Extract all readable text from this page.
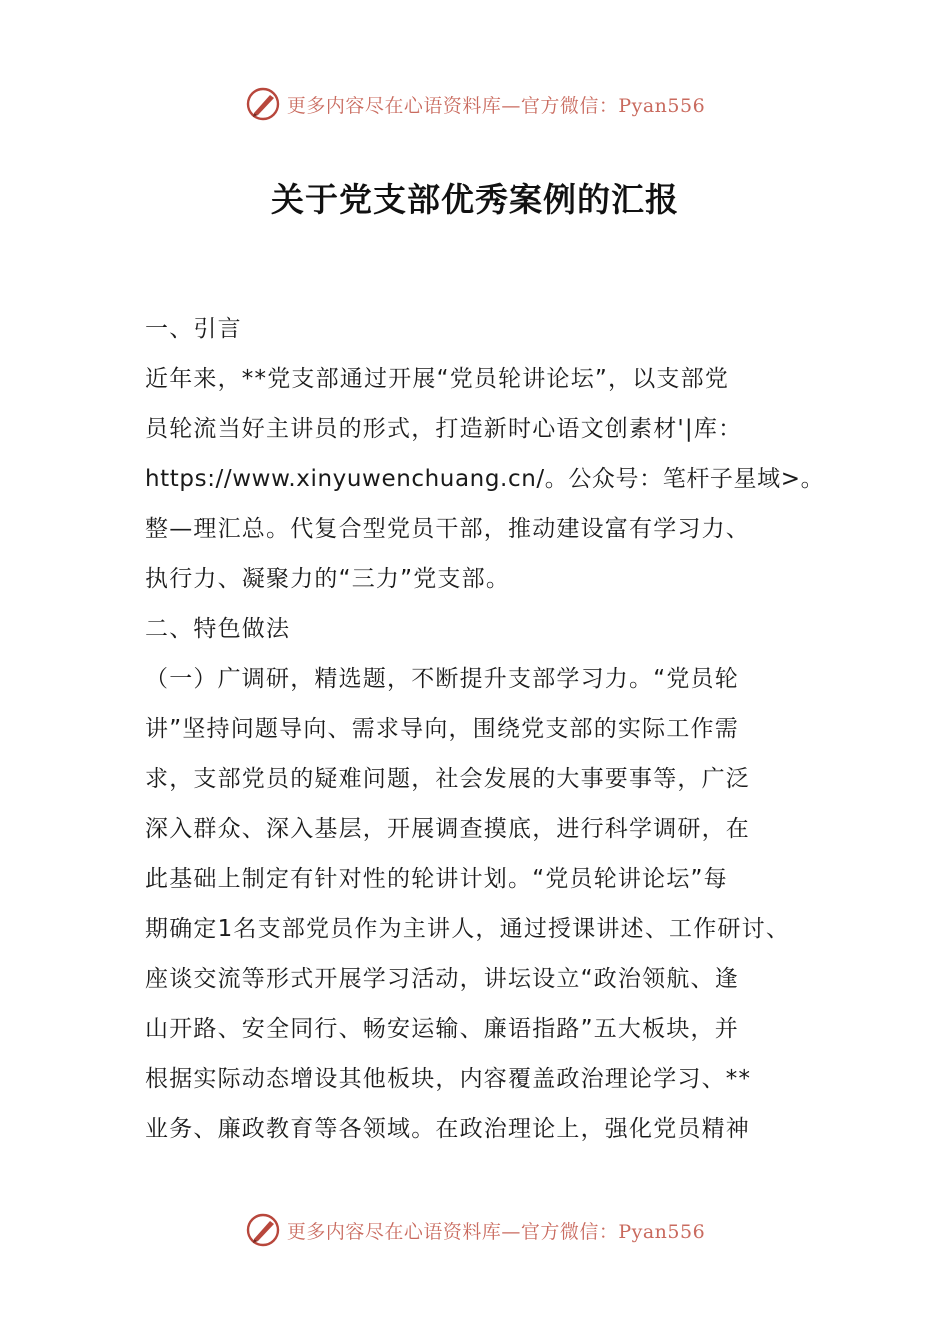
更多内容尽在心语资料库—官方微信：Pyan556
关于党支部优秀案例的汇报
一、引言
近年来，**党支部通过开展“党员轮讲论坛”，以支部党
员轮流当好主讲员的形式，打造新时心语文创素材'|库：
https://www.xinyuwenchuang.cn/。公众号：笔杆子星域>。
整—理汇总。代复合型党员干部，推动建设富有学习力、
执行力、凝聚力的“三力”党支部。
二、特色做法
（一）广调研，精选题，不断提升支部学习力。“党员轮
讲”坚持问题导向、需求导向，围绕党支部的实际工作需
求，支部党员的疑难问题，社会发展的大事要事等，广泛
深入群众、深入基层，开展调查摸底，进行科学调研，在
此基础上制定有针对性的轮讲计划。“党员轮讲论坛”每
期确定1名支部党员作为主讲人，通过授课讲述、工作研讨、
座谈交流等形式开展学习活动，讲坛设立“政治领航、逢
山开路、安全同行、畅安运输、廉语指路”五大板块，并
根据实际动态增设其他板块，内容覆盖政治理论学习、**
业务、廉政教育等各领域。在政治理论上，强化党员精神
更多内容尽在心语资料库—官方微信：Pyan556
